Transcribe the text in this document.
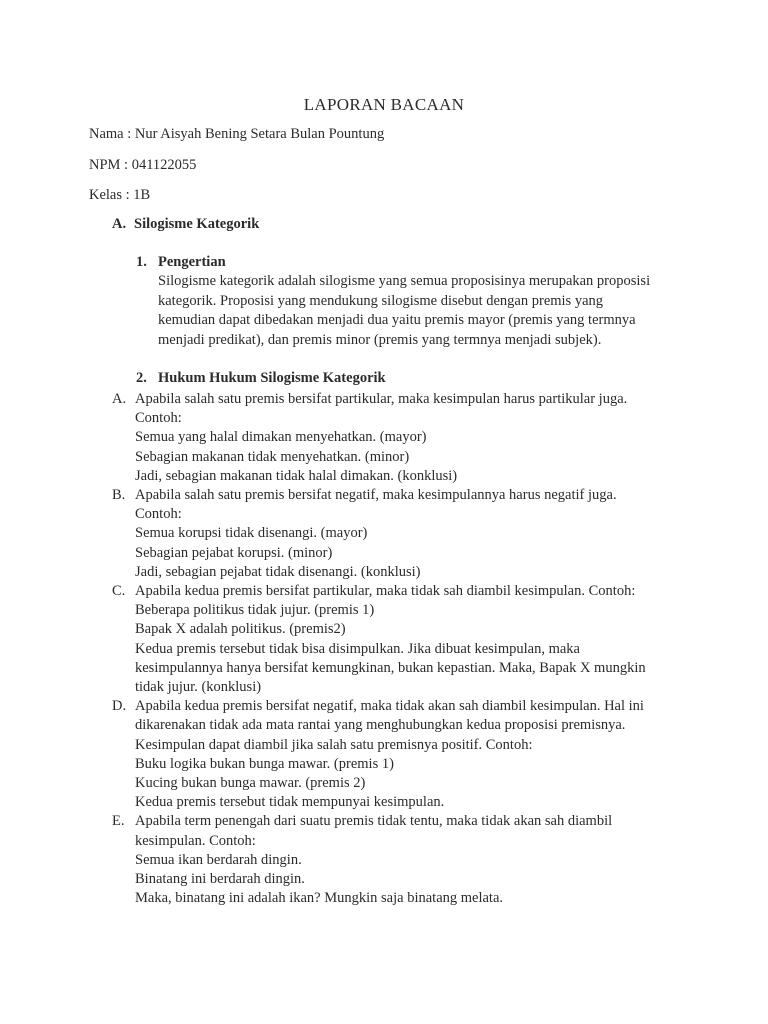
LAPORAN BACAAN

Nama : Nur Aisyah Bening Setara Bulan Pountung

NPM : 041122055

Kelas : 1B

A. Silogisme Kategorik

1. Pengertian

Silogisme kategorik adalah silogisme yang semua proposisinya merupakan proposisi
kategorik. Proposisi yang mendukung silogisme disebut dengan premis yang
kemudian dapat dibedakan menjadi dua yaitu premis mayor (premis yang termnya
menjadi predikat), dan premis minor (premis yang termnya menjadi subjek).

2. Hukum Hukum Silogisme Kategorik

A. Apabila salah satu premis bersifat partikular, maka kesimpulan harus partikular juga.
Contoh:
Semua yang halal dimakan menyehatkan. (mayor)
Sebagian makanan tidak menyehatkan. (minor)
Jadi, sebagian makanan tidak halal dimakan. (konklusi)
B. Apabila salah satu premis bersifat negatif, maka kesimpulannya harus negatif juga.
Contoh:
Semua korupsi tidak disenangi. (mayor)
Sebagian pejabat korupsi. (minor)
Jadi, sebagian pejabat tidak disenangi. (konklusi)
C. Apabila kedua premis bersifat partikular, maka tidak sah diambil kesimpulan. Contoh:
Beberapa politikus tidak jujur. (premis 1)
Bapak X adalah politikus. (premis2)
Kedua premis tersebut tidak bisa disimpulkan. Jika dibuat kesimpulan, maka
kesimpulannya hanya bersifat kemungkinan, bukan kepastian. Maka, Bapak X mungkin
tidak jujur. (konklusi)
D. Apabila kedua premis bersifat negatif, maka tidak akan sah diambil kesimpulan. Hal ini
dikarenakan tidak ada mata rantai yang menghubungkan kedua proposisi premisnya.
Kesimpulan dapat diambil jika salah satu premisnya positif. Contoh:
Buku logika bukan bunga mawar. (premis 1)
Kucing bukan bunga mawar. (premis 2)
Kedua premis tersebut tidak mempunyai kesimpulan.
E. Apabila term penengah dari suatu premis tidak tentu, maka tidak akan sah diambil
kesimpulan. Contoh:
Semua ikan berdarah dingin.
Binatang ini berdarah dingin.
Maka, binatang ini adalah ikan? Mungkin saja binatang melata.
